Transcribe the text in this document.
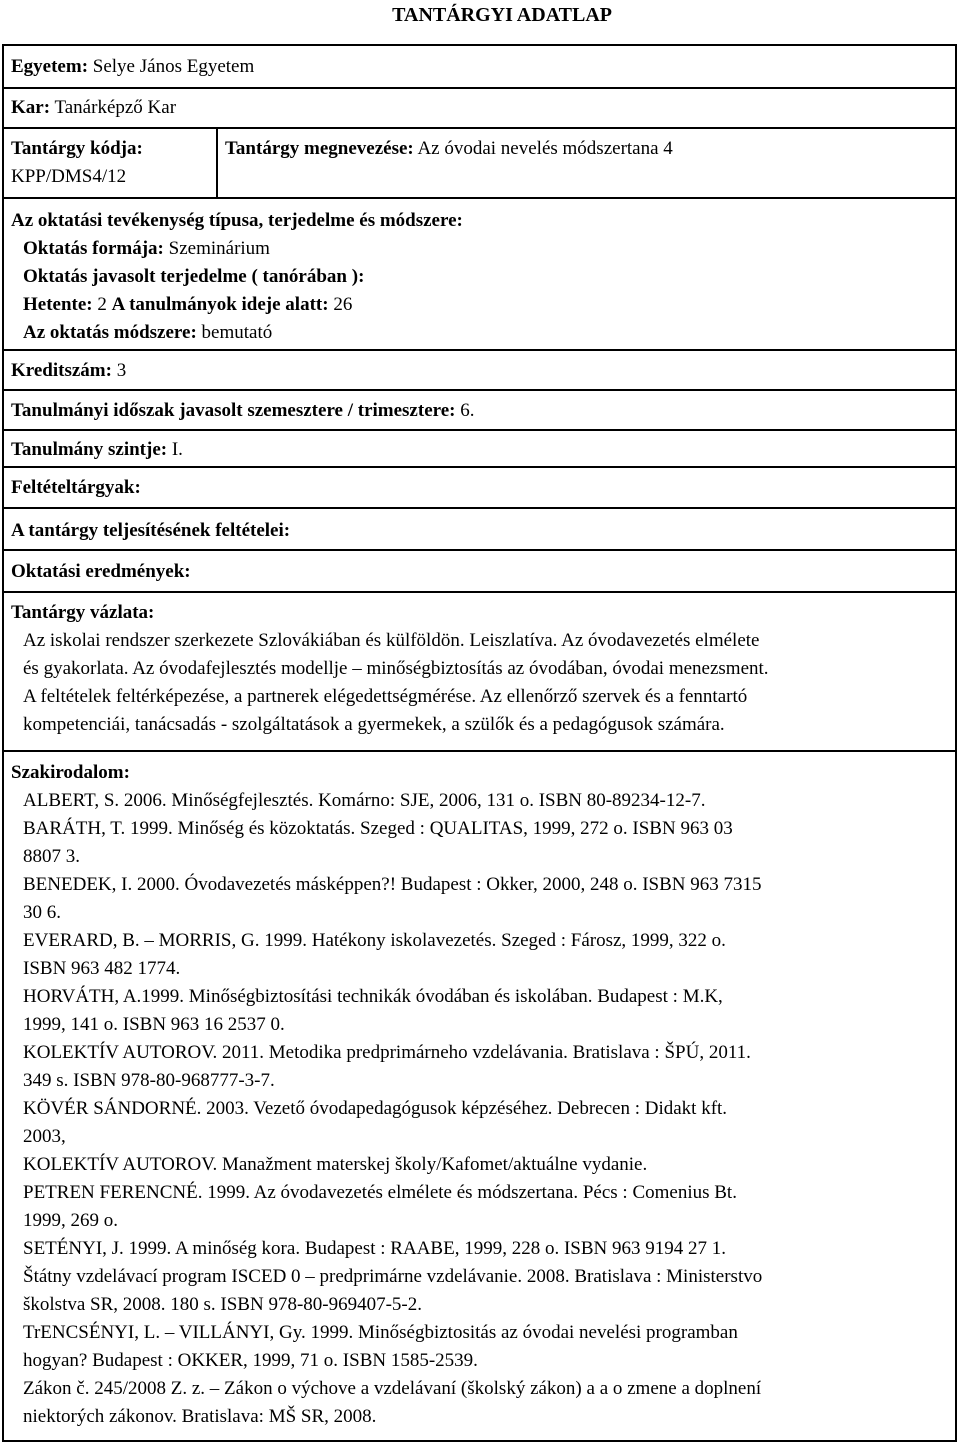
TANTÁRGYI ADATLAP
Egyetem: Selye János Egyetem
Kar: Tanárképző Kar
Tantárgy kódja:
KPP/DMS4/12
Tantárgy megnevezése: Az óvodai nevelés módszertana 4
Az oktatási tevékenység típusa, terjedelme és módszere:
Oktatás formája: Szeminárium
Oktatás javasolt terjedelme ( tanórában ):
Hetente: 2 A tanulmányok ideje alatt: 26
Az oktatás módszere: bemutató
Kreditszám: 3
Tanulmányi időszak javasolt szemesztere / trimesztere: 6.
Tanulmány szintje: I.
Feltételtárgyak:
A tantárgy teljesítésének feltételei:
Oktatási eredmények:
Tantárgy vázlata:

Az iskolai rendszer szerkezete Szlovákiában és külföldön. Leiszlatíva. Az óvodavezetés elmélete

és gyakorlata. Az óvodafejlesztés modellje – minőségbiztosítás az óvodában, óvodai menezsment.

A feltételek feltérképezése, a partnerek elégedettségmérése. Az ellenőrző szervek és a fenntartó

kompetenciái, tanácsadás - szolgáltatások a gyermekek, a szülők és a pedagógusok számára.

Szakirodalom:

ALBERT, S. 2006. Minőségfejlesztés. Komárno: SJE, 2006, 131 o. ISBN 80-89234-12-7.

BARÁTH, T. 1999. Minőség és közoktatás. Szeged : QUALITAS, 1999, 272 o. ISBN 963 03

8807 3.

BENEDEK, I. 2000. Óvodavezetés másképpen?! Budapest : Okker, 2000, 248 o. ISBN 963 7315

30 6.

EVERARD, B. – MORRIS, G. 1999. Hatékony iskolavezetés. Szeged : Fárosz, 1999, 322 o.

ISBN 963 482 1774.

HORVÁTH, A.1999. Minőségbiztosítási technikák óvodában és iskolában. Budapest : M.K,

1999, 141 o. ISBN 963 16 2537 0.

KOLEKTÍV AUTOROV. 2011. Metodika predprimárneho vzdelávania. Bratislava : ŠPÚ, 2011.

349 s. ISBN 978-80-968777-3-7.

KÖVÉR SÁNDORNÉ. 2003. Vezető óvodapedagógusok képzéséhez. Debrecen : Didakt kft.

2003,

KOLEKTÍV AUTOROV. Manažment materskej školy/Kafomet/aktuálne vydanie.

PETREN FERENCNÉ. 1999. Az óvodavezetés elmélete és módszertana. Pécs : Comenius Bt.

1999, 269 o.

SETÉNYI, J. 1999. A minőség kora. Budapest : RAABE, 1999, 228 o. ISBN 963 9194 27 1.

Štátny vzdelávací program ISCED 0 – predprimárne vzdelávanie. 2008. Bratislava : Ministerstvo

školstva SR, 2008. 180 s. ISBN 978-80-969407-5-2.

TrENCSÉNYI, L. – VILLÁNYI, Gy. 1999. Minőségbiztositás az óvodai nevelési programban

hogyan? Budapest : OKKER, 1999, 71 o. ISBN 1585-2539.

Zákon č. 245/2008 Z. z. – Zákon o výchove a vzdelávaní (školský zákon) a a o zmene a doplnení

niektorých zákonov. Bratislava: MŠ SR, 2008.
